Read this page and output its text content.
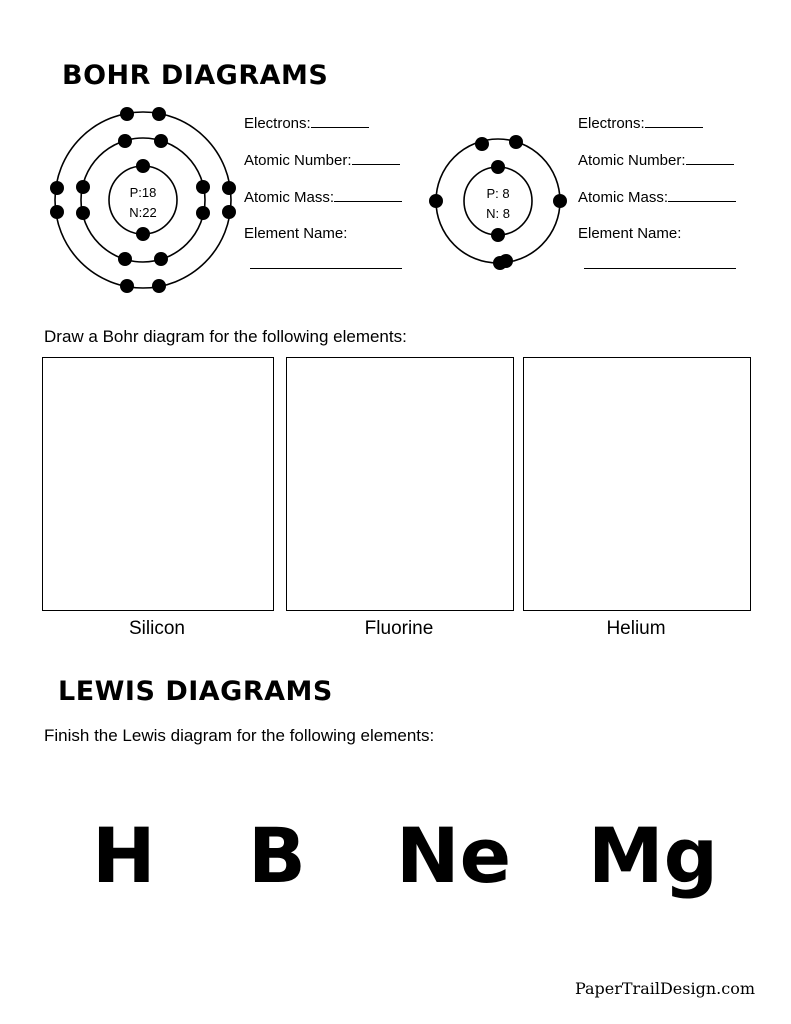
BOHR DIAGRAMS
P:18
N:22
Electrons:
Atomic Number:
Atomic Mass:
Element Name:
P: 8
N: 8
Electrons:
Atomic Number:
Atomic Mass:
Element Name:
Draw a Bohr diagram for the following elements:
Silicon	Fluorine	Helium
LEWIS DIAGRAMS
Finish the Lewis diagram for the following elements:
H B Ne Mg
PaperTrailDesign.com
